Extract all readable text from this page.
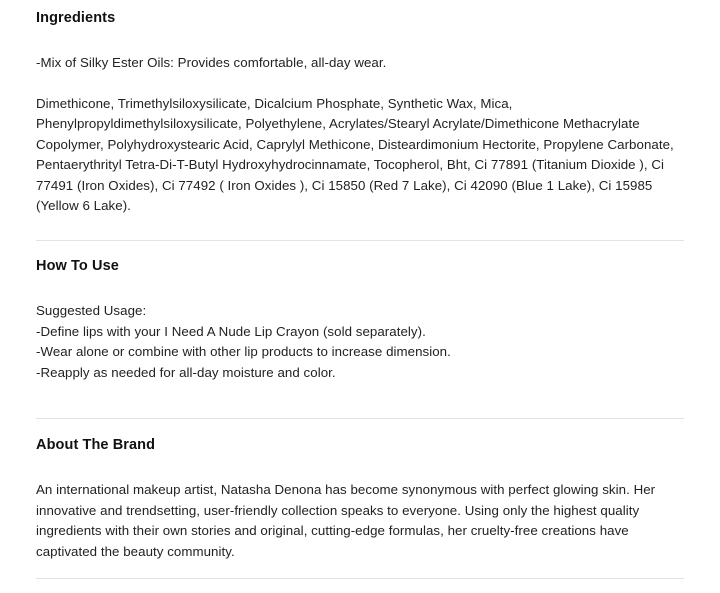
Ingredients

-Mix of Silky Ester Oils: Provides comfortable, all-day wear.

Dimethicone, Trimethylsiloxysilicate, Dicalcium Phosphate, Synthetic Wax, Mica, Phenylpropyldimethylsiloxysilicate, Polyethylene, Acrylates/Stearyl Acrylate/Dimethicone Methacrylate Copolymer, Polyhydroxystearic Acid, Caprylyl Methicone, Disteardimonium Hectorite, Propylene Carbonate, Pentaerythrityl Tetra-Di-T-Butyl Hydroxyhydrocinnamate, Tocopherol, Bht, Ci 77891 (Titanium Dioxide ), Ci 77491 (Iron Oxides), Ci 77492 ( Iron Oxides ), Ci 15850 (Red 7 Lake), Ci 42090 (Blue 1 Lake), Ci 15985 (Yellow 6 Lake).

How To Use

Suggested Usage:

-Define lips with your I Need A Nude Lip Crayon (sold separately).

-Wear alone or combine with other lip products to increase dimension.

-Reapply as needed for all-day moisture and color.

About The Brand

An international makeup artist, Natasha Denona has become synonymous with perfect glowing skin. Her innovative and trendsetting, user-friendly collection speaks to everyone. Using only the highest quality ingredients with their own stories and original, cutting-edge formulas, her cruelty-free creations have captivated the beauty community.
